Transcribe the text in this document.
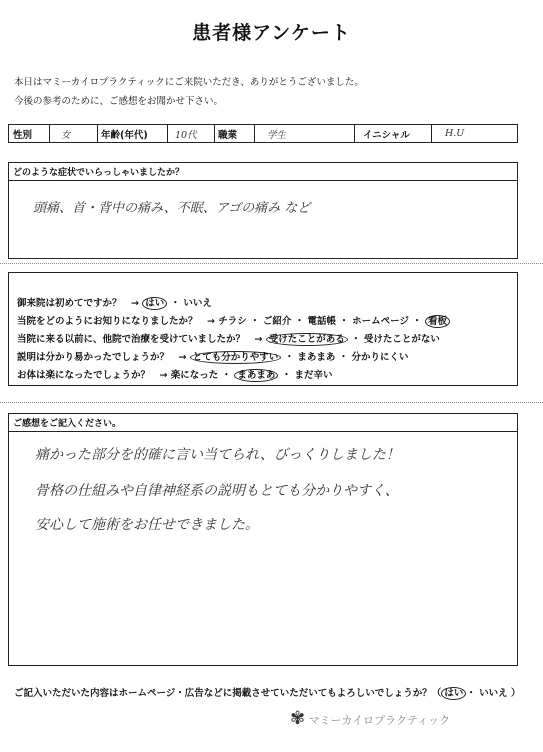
患者様アンケート
本日はマミーカイロプラクティックにご来院いただき、ありがとうございました。
今後の参考のために、ご感想をお聞かせ下さい。
性別	女	年齢(年代)	10代	職業	学生	イニシャル	H.U
どのような症状でいらっしゃいましたか？
頭痛、首・背中の痛み、不眠、アゴの痛み など
御来院は初めてですか？　→ はい ・ いいえ
当院をどのようにお知りになりましたか？　→ チラシ ・ ご紹介 ・ 電話帳 ・ ホームページ ・ 看板
当院に来る以前に、他院で治療を受けていましたか？　→ 受けたことがある ・ 受けたことがない
説明は分かり易かったでしょうか？　→ とても分かりやすい ・ まあまあ ・ 分かりにくい
お体は楽になったでしょうか？　→ 楽になった ・ まあまあ ・ まだ辛い
ご感想をご記入ください。
痛かった部分を的確に言い当てられ、びっくりしました！
骨格の仕組みや自律神経系の説明もとても分かりやすく、
安心して施術をお任せできました。
ご記入いただいた内容はホームページ・広告などに掲載させていただいてもよろしいでしょうか？（ はい ・ いいえ ）
✾ マミーカイロプラクティック
